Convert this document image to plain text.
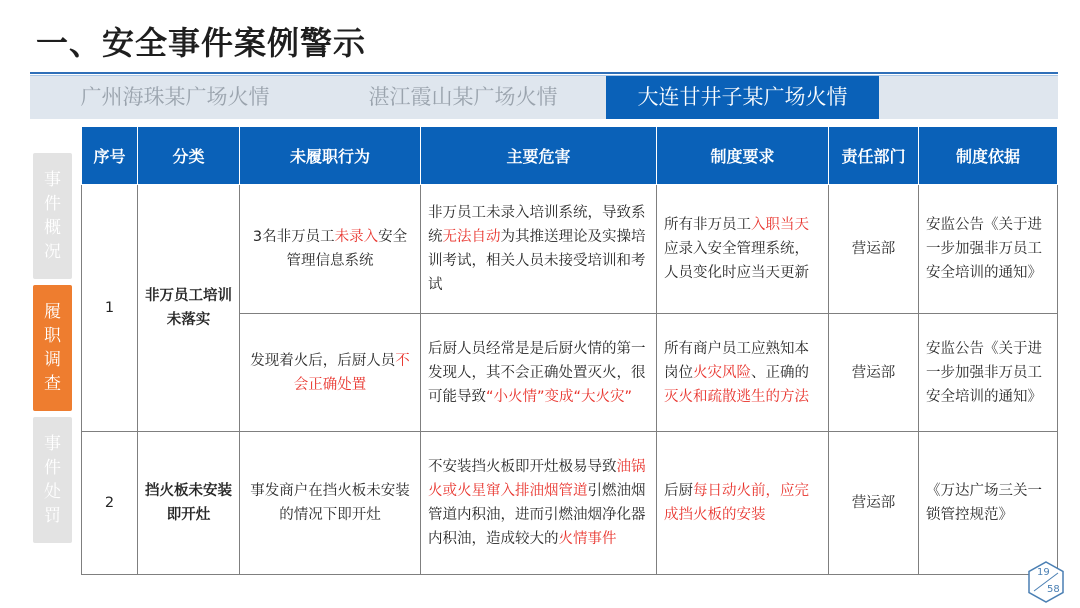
一、安全事件案例警示
广州海珠某广场火情	湛江霞山某广场火情	大连甘井子某广场火情
事
件
概
况
履
职
调
查
事
件
处
罚
序号	分类	未履职行为	主要危害	制度要求	责任部门	制度依据
1	非万员工培训未落实	3名非万员工未录入安全管理信息系统	非万员工未录入培训系统，导致系统无法自动为其推送理论及实操培训考试，相关人员未接受培训和考试	所有非万员工入职当天应录入安全管理系统，人员变化时应当天更新	营运部	安监公告《关于进一步加强非万员工安全培训的通知》
		发现着火后，后厨人员不会正确处置	后厨人员经常是是后厨火情的第一发现人，其不会正确处置灭火，很可能导致“小火情”变成“大火灾”	所有商户员工应熟知本岗位火灾风险、正确的灭火和疏散逃生的方法	营运部	安监公告《关于进一步加强非万员工安全培训的通知》
2	挡火板未安装即开灶	事发商户在挡火板未安装的情况下即开灶	不安装挡火板即开灶极易导致油锅火或火星窜入排油烟管道引燃油烟管道内积油，进而引燃油烟净化器内积油，造成较大的火情事件	后厨每日动火前，应完成挡火板的安装	营运部	《万达广场三关一锁管控规范》
19
58
